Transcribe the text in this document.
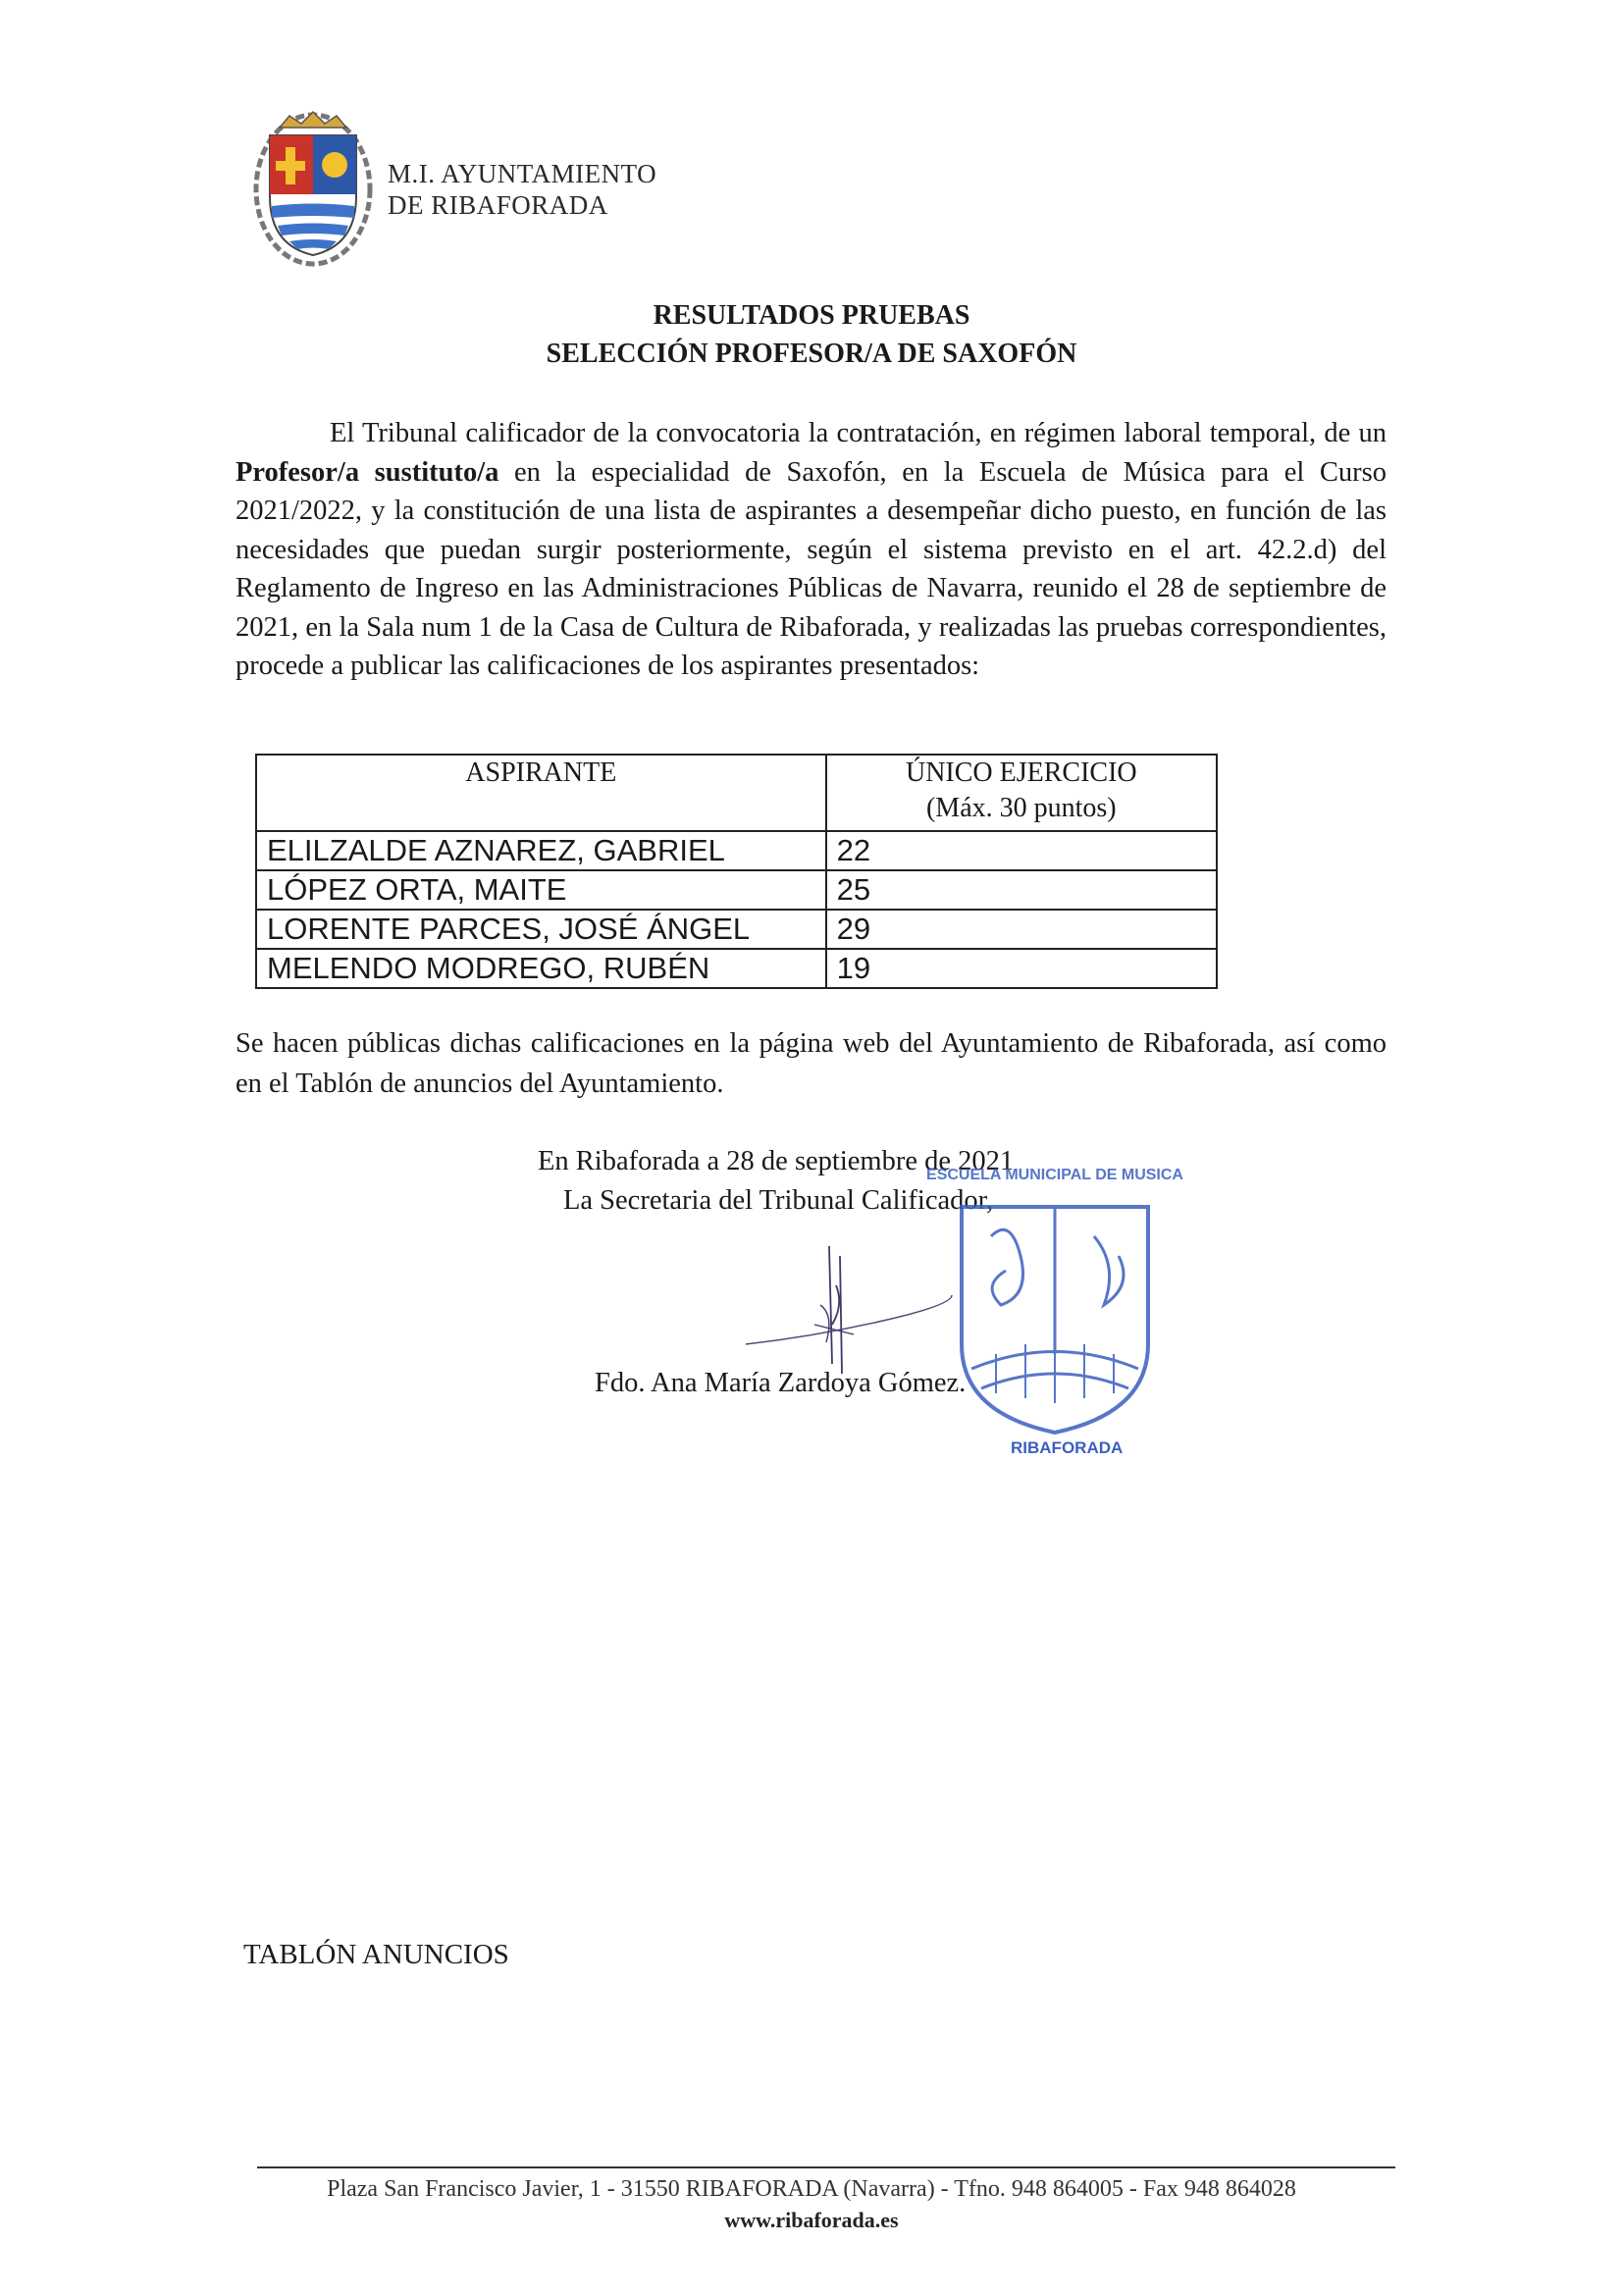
M.I. AYUNTAMIENTO
DE RIBAFORADA
RESULTADOS PRUEBAS
SELECCIÓN PROFESOR/A DE SAXOFÓN

El Tribunal calificador de la convocatoria la contratación, en régimen laboral temporal, de un Profesor/a sustituto/a en la especialidad de Saxofón, en la Escuela de Música para el Curso 2021/2022, y la constitución de una lista de aspirantes a desempeñar dicho puesto, en función de las necesidades que puedan surgir posteriormente, según el sistema previsto en el art. 42.2.d) del Reglamento de Ingreso en las Administraciones Públicas de Navarra, reunido el 28 de septiembre de 2021, en la Sala num 1 de la Casa de Cultura de Ribaforada, y realizadas las pruebas correspondientes, procede a publicar las calificaciones de los aspirantes presentados:

ASPIRANTE	ÚNICO EJERCICIO
(Máx. 30 puntos)
ELILZALDE AZNAREZ, GABRIEL	22
LÓPEZ ORTA, MAITE	25
LORENTE PARCES, JOSÉ ÁNGEL	29
MELENDO MODREGO, RUBÉN	19

Se hacen públicas dichas calificaciones en la página web del Ayuntamiento de Ribaforada, así como en el Tablón de anuncios del Ayuntamiento.

En Ribaforada a 28 de septiembre de 2021
La Secretaria del Tribunal Calificador,
ESCUELA MUNICIPAL DE MUSICA
Fdo. Ana María Zardoya Gómez.
RIBAFORADA
TABLÓN ANUNCIOS
Plaza San Francisco Javier, 1 - 31550 RIBAFORADA (Navarra) - Tfno. 948 864005 - Fax 948 864028
www.ribaforada.es
